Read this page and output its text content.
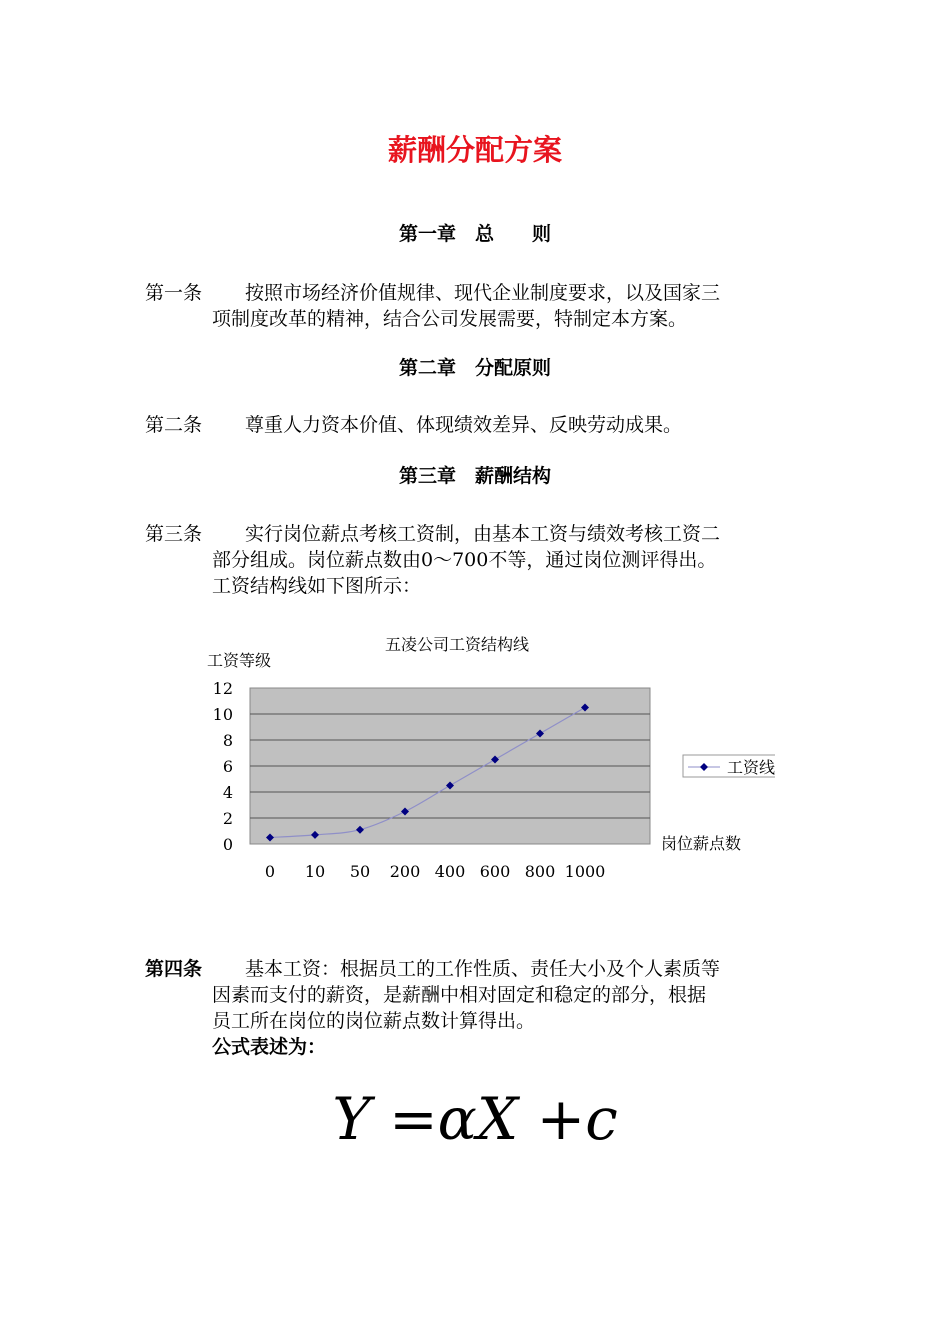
薪酬分配方案
第一章　总　　则
第一条 按照市场经济价值规律、现代企业制度要求，以及国家三
项制度改革的精神，结合公司发展需要，特制定本方案。
第二章　分配原则
第二条 尊重人力资本价值、体现绩效差异、反映劳动成果。
第三章　薪酬结构
第三条 实行岗位薪点考核工资制，由基本工资与绩效考核工资二
部分组成。岗位薪点数由0～700不等，通过岗位测评得出。
工资结构线如下图所示：
五凌公司工资结构线
工资等级
0
2
4
6
8
10
12
0 10 50 200 400 600 800 1000
岗位薪点数
工资线
第四条 基本工资：根据员工的工作性质、责任大小及个人素质等
因素而支付的薪资，是薪酬中相对固定和稳定的部分，根据
员工所在岗位的岗位薪点数计算得出。
公式表述为：
Y =αX +c
